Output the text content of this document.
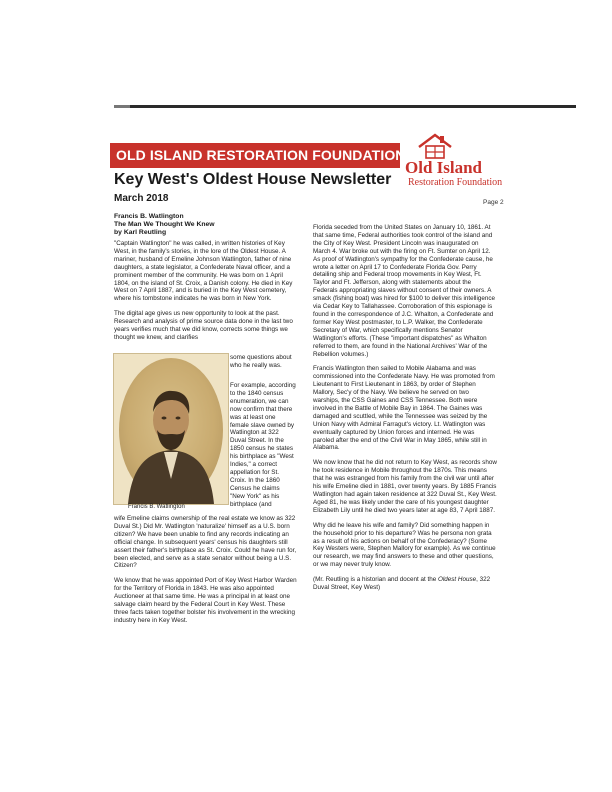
OLD ISLAND RESTORATION FOUNDATION
Old Island
Restoration Foundation
Key West's Oldest House Newsletter
March 2018	Page 2
Francis B. Watlington
The Man We Thought We Knew
by Karl Reutling

"Captain Watlington" he was called, in written histories of Key West, in the family's stories, in the lore of the Oldest House. A mariner, husband of Emeline Johnson Watlington, father of nine daughters, a state legislator, a Confederate Naval officer, and a prominent member of the community. He was born on 1 April 1804, on the island of St. Croix, a Danish colony. He died in Key West on 7 April 1887, and is buried in the Key West cemetery, where his tombstone indicates he was born in New York.

The digital age gives us new opportunity to look at the past. Research and analysis of prime source data done in the last two years verifies much that we did know, corrects some things we thought we knew, and clarifies

Francis B. Watlington
some questions about who he really was.
For example, according to the 1840 census enumeration, we can now confirm that there was at least one female slave owned by Watlington at 322 Duval Street. In the 1850 census he states his birthplace as "West Indies," a correct appellation for St. Croix. In the 1860 Census he claims "New York" as his birthplace (and

wife Emeline claims ownership of the real estate we know as 322 Duval St.) Did Mr. Watlington 'naturalize' himself as a U.S. born citizen? We have been unable to find any records indicating an official change. In subsequent years' census his daughters still assert their father's birthplace as St. Croix. Could he have run for, been elected, and serve as a state senator without being a U.S. Citizen?

We know that he was appointed Port of Key West Harbor Warden for the Territory of Florida in 1843. He was also appointed Auctioneer at that same time. He was a principal in at least one salvage claim heard by the Federal Court in Key West. These three facts taken together bolster his involvement in the wrecking industry here in Key West.

Florida seceded from the United States on January 10, 1861. At that same time, Federal authorities took control of the island and the City of Key West. President Lincoln was inaugurated on March 4. War broke out with the firing on Ft. Sumter on April 12. As proof of Watlington's sympathy for the Confederate cause, he wrote a letter on April 17 to Confederate Florida Gov. Perry detailing ship and Federal troop movements in Key West, Ft. Taylor and Ft. Jefferson, along with statements about the Federals appropriating slaves without consent of their owners. A smack (fishing boat) was hired for $100 to deliver this intelligence via Cedar Key to Tallahassee. Corroboration of this espionage is found in the correspondence of J.C. Whalton, a Confederate and former Key West postmaster, to L.P. Walker, the Confederate Secretary of War, which specifically mentions Senator Watlington's efforts. (These "important dispatches" as Whalton referred to them, are found in the National Archives' War of the Rebellion volumes.)

Francis Watlington then sailed to Mobile Alabama and was commissioned into the Confederate Navy. He was promoted from Lieutenant to First Lieutenant in 1863, by order of Stephen Mallory, Sec'y of the Navy. We believe he served on two warships, the CSS Gaines and CSS Tennessee. Both were involved in the Battle of Mobile Bay in 1864. The Gaines was damaged and scuttled, while the Tennessee was seized by the Union Navy with Admiral Farragut's victory. Lt. Watlington was eventually captured by Union forces and interned. He was paroled after the end of the Civil War in May 1865, while still in Alabama.

We now know that he did not return to Key West, as records show he took residence in Mobile throughout the 1870s. This means that he was estranged from his family from the civil war until after his wife Emeline died in 1881, over twenty years. By 1885 Francis Watlington had again taken residence at 322 Duval St., Key West. Aged 81, he was likely under the care of his youngest daughter Elizabeth Lily until he died two years later at age 83, 7 April 1887.

Why did he leave his wife and family? Did something happen in the household prior to his departure? Was he persona non grata as a result of his actions on behalf of the Confederacy? (Some Key Westers were, Stephen Mallory for example). As we continue our research, we may find answers to these and other questions, or we may never truly know.

(Mr. Reutling is a historian and docent at the Oldest House, 322 Duval Street, Key West)
